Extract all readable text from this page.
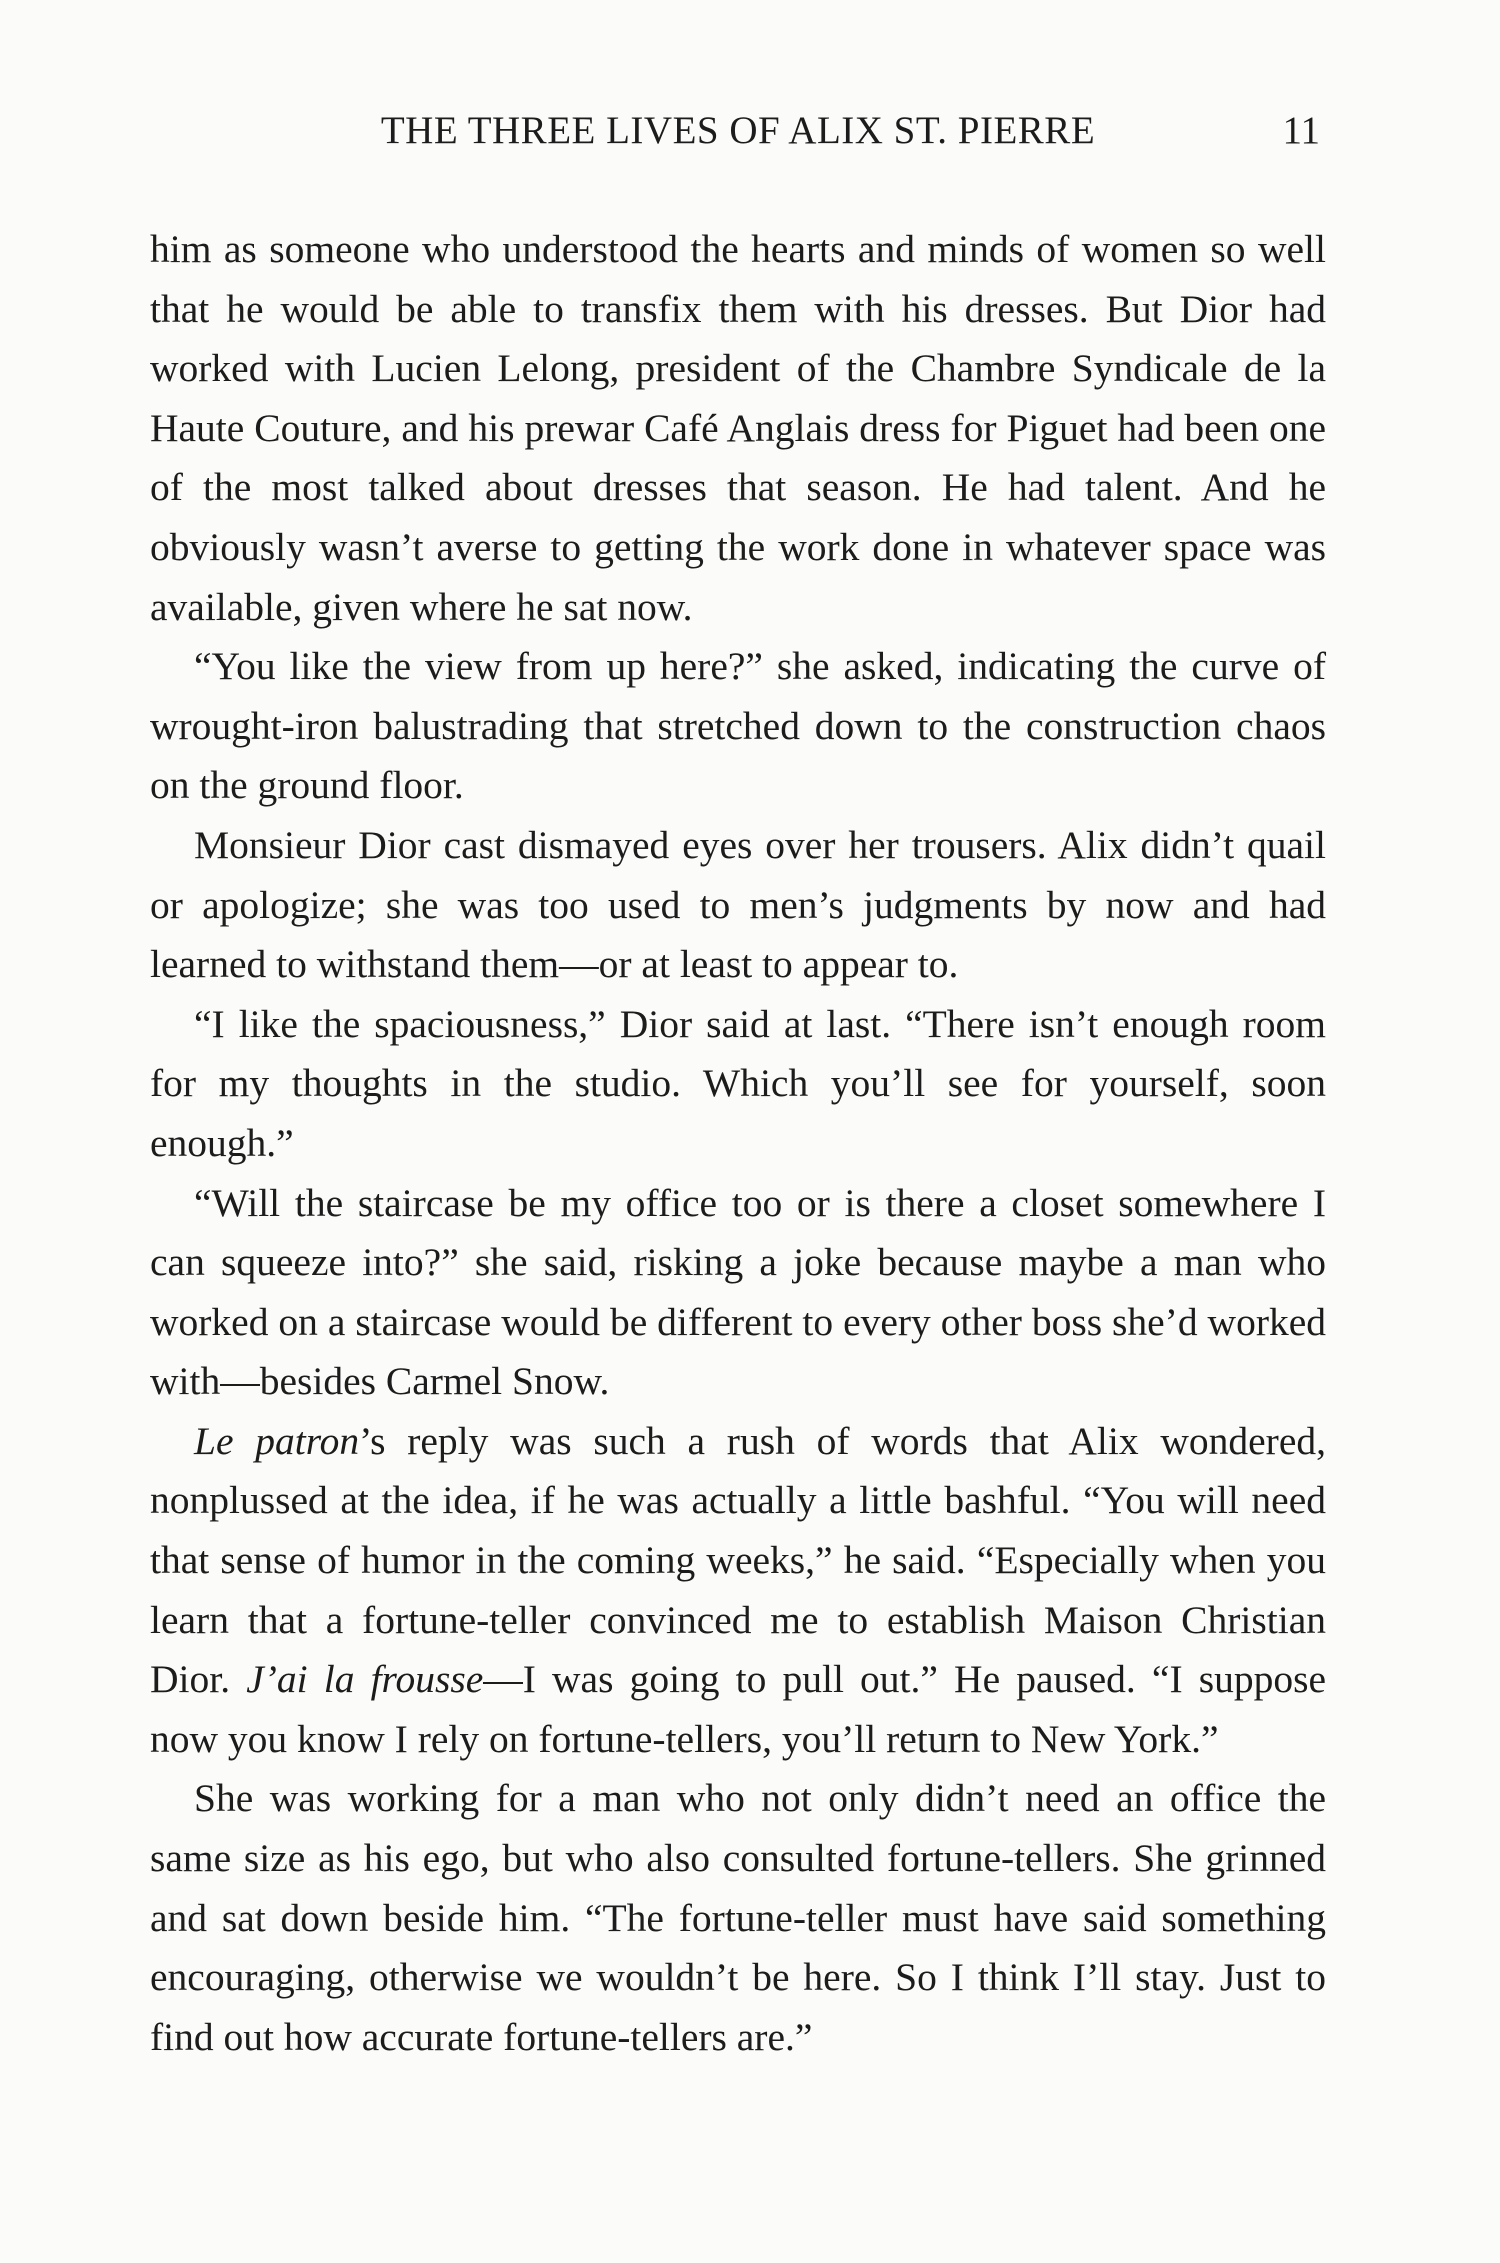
THE THREE LIVES OF ALIX ST. PIERRE	11

him as someone who understood the hearts and minds of women so well that he would be able to transfix them with his dresses. But Dior had worked with Lucien Lelong, president of the Chambre Syndicale de la Haute Couture, and his prewar Café Anglais dress for Piguet had been one of the most talked about dresses that season. He had talent. And he obviously wasn’t averse to getting the work done in whatever space was available, given where he sat now.

“You like the view from up here?” she asked, indicating the curve of wrought-iron balustrading that stretched down to the construction chaos on the ground floor.

Monsieur Dior cast dismayed eyes over her trousers. Alix didn’t quail or apologize; she was too used to men’s judgments by now and had learned to withstand them—or at least to appear to.

“I like the spaciousness,” Dior said at last. “There isn’t enough room for my thoughts in the studio. Which you’ll see for yourself, soon enough.”

“Will the staircase be my office too or is there a closet somewhere I can squeeze into?” she said, risking a joke because maybe a man who worked on a staircase would be different to every other boss she’d worked with—besides Carmel Snow.

Le patron’s reply was such a rush of words that Alix wondered, nonplussed at the idea, if he was actually a little bashful. “You will need that sense of humor in the coming weeks,” he said. “Especially when you learn that a fortune-teller convinced me to establish Maison Christian Dior. J’ai la frousse—I was going to pull out.” He paused. “I suppose now you know I rely on fortune-tellers, you’ll return to New York.”

She was working for a man who not only didn’t need an office the same size as his ego, but who also consulted fortune-tellers. She grinned and sat down beside him. “The fortune-teller must have said something encouraging, otherwise we wouldn’t be here. So I think I’ll stay. Just to find out how accurate fortune-tellers are.”
